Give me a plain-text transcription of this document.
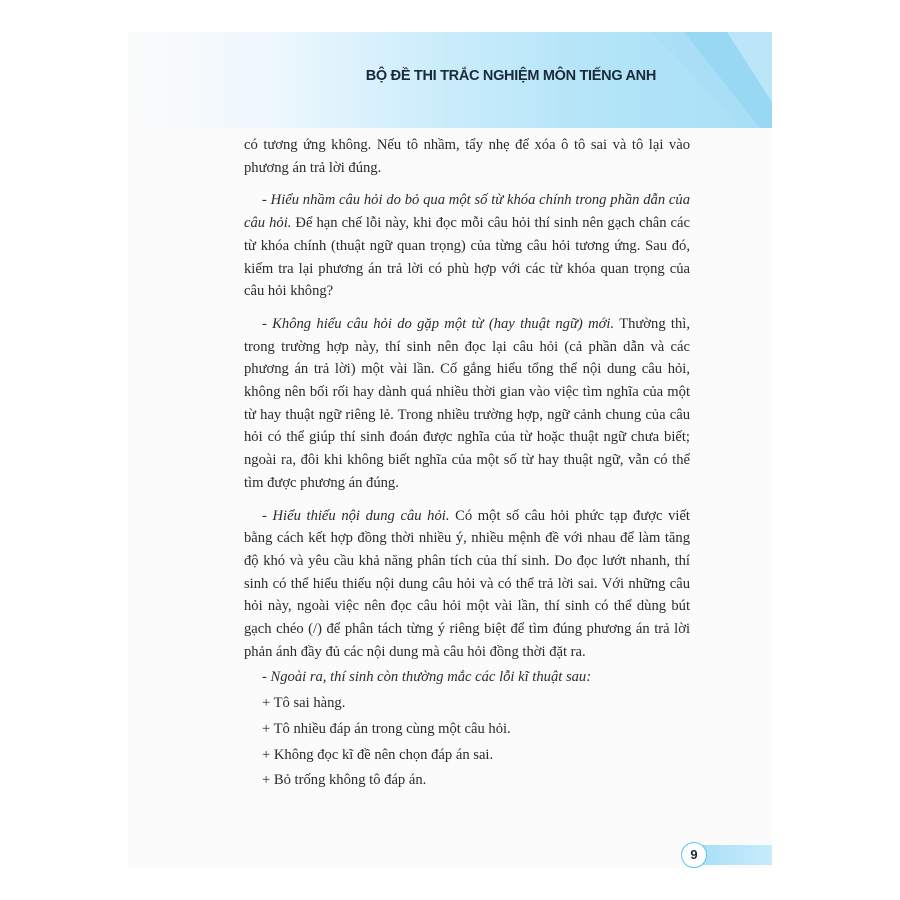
BỘ ĐỀ THI TRẮC NGHIỆM MÔN TIẾNG ANH

có tương ứng không. Nếu tô nhầm, tẩy nhẹ để xóa ô tô sai và tô lại vào phương án trả lời đúng.

- Hiểu nhầm câu hỏi do bỏ qua một số từ khóa chính trong phần dẫn của câu hỏi. Để hạn chế lỗi này, khi đọc mỗi câu hỏi thí sinh nên gạch chân các từ khóa chính (thuật ngữ quan trọng) của từng câu hỏi tương ứng. Sau đó, kiểm tra lại phương án trả lời có phù hợp với các từ khóa quan trọng của câu hỏi không?

- Không hiểu câu hỏi do gặp một từ (hay thuật ngữ) mới. Thường thì, trong trường hợp này, thí sinh nên đọc lại câu hỏi (cả phần dẫn và các phương án trả lời) một vài lần. Cố gắng hiểu tổng thể nội dung câu hỏi, không nên bối rối hay dành quá nhiều thời gian vào việc tìm nghĩa của một từ hay thuật ngữ riêng lẻ. Trong nhiều trường hợp, ngữ cảnh chung của câu hỏi có thể giúp thí sinh đoán được nghĩa của từ hoặc thuật ngữ chưa biết; ngoài ra, đôi khi không biết nghĩa của một số từ hay thuật ngữ, vẫn có thể tìm được phương án đúng.

- Hiểu thiếu nội dung câu hỏi. Có một số câu hỏi phức tạp được viết bằng cách kết hợp đồng thời nhiều ý, nhiều mệnh đề với nhau để làm tăng độ khó và yêu cầu khả năng phân tích của thí sinh. Do đọc lướt nhanh, thí sinh có thể hiểu thiếu nội dung câu hỏi và có thể trả lời sai. Với những câu hỏi này, ngoài việc nên đọc câu hỏi một vài lần, thí sinh có thể dùng bút gạch chéo (/) để phân tách từng ý riêng biệt để tìm đúng phương án trả lời phản ánh đầy đủ các nội dung mà câu hỏi đồng thời đặt ra.

- Ngoài ra, thí sinh còn thường mắc các lỗi kĩ thuật sau:

+ Tô sai hàng.

+ Tô nhiều đáp án trong cùng một câu hỏi.

+ Không đọc kĩ đề nên chọn đáp án sai.

+ Bỏ trống không tô đáp án.

9
